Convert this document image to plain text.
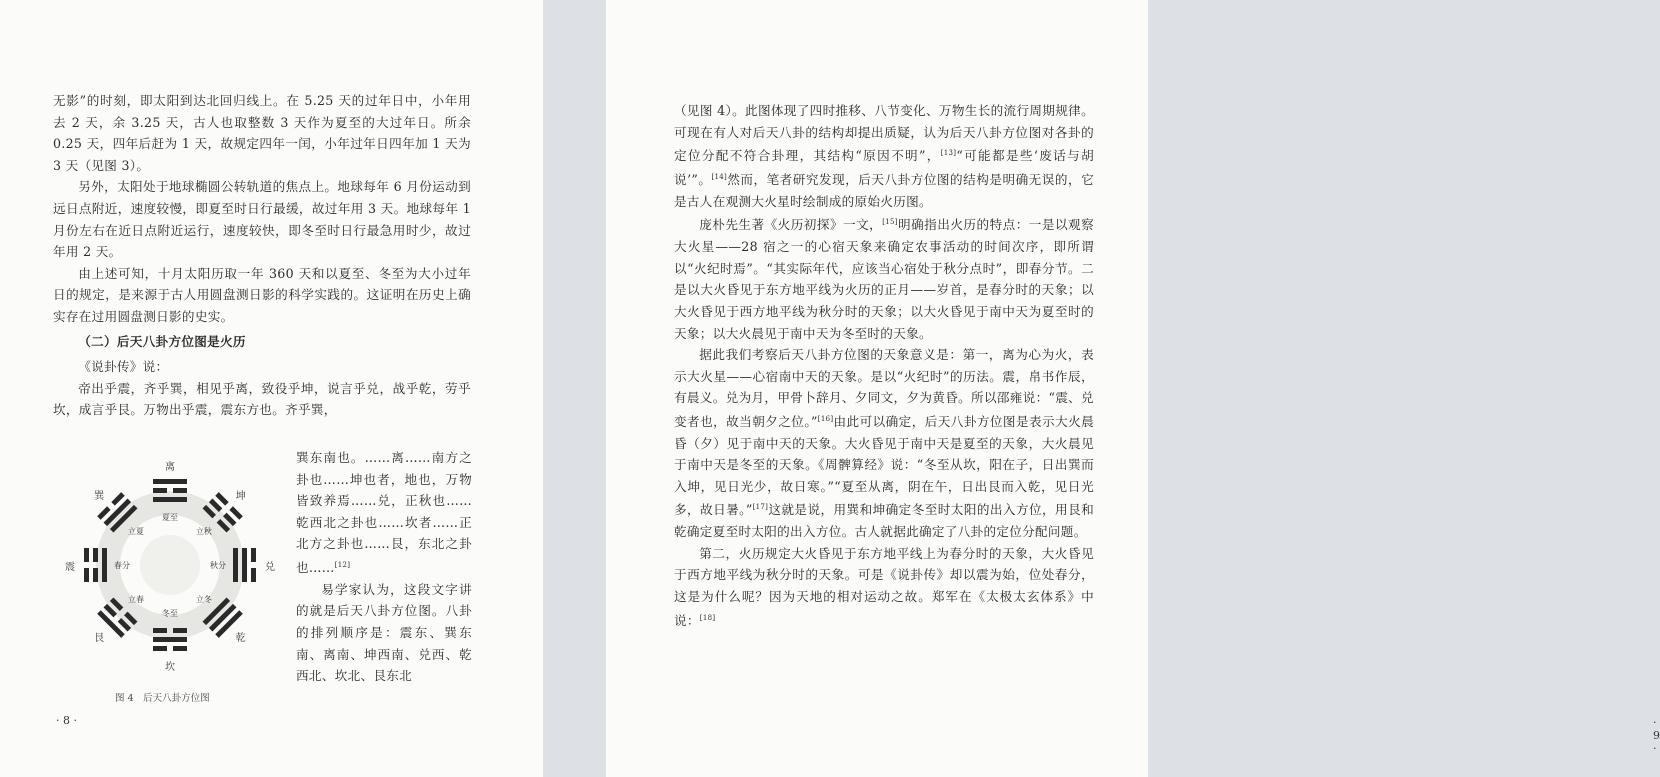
无影”的时刻，即太阳到达北回归线上。在 5.25 天的过年日中，小年用去 2 天，余 3.25 天，古人也取整数 3 天作为夏至的大过年日。所余 0.25 天，四年后赶为 1 天，故规定四年一闰，小年过年日四年加 1 天为 3 天（见图 3）。

另外，太阳处于地球椭圆公转轨道的焦点上。地球每年 6 月份运动到远日点附近，速度较慢，即夏至时日行最缓，故过年用 3 天。地球每年 1 月份左右在近日点附近运行，速度较快，即冬至时日行最急用时少，故过年用 2 天。

由上述可知，十月太阳历取一年 360 天和以夏至、冬至为大小过年日的规定，是来源于古人用圆盘测日影的科学实践的。这证明在历史上确实存在过用圆盘测日影的史实。

（二）后天八卦方位图是火历

《说卦传》说：

帝出乎震，齐乎巽，相见乎离，致役乎坤，说言乎兑，战乎乾，劳乎坎，成言乎艮。万物出乎震，震东方也。齐乎巽，

离
夏至
坤
立秋
兑
秋分
乾
立冬
坎
冬至
艮
立春
震	春分
巽
立夏
图 4　后天八卦方位图

巽东南也。……离……南方之卦也……坤也者，地也，万物皆致养焉……兑，正秋也……乾西北之卦也……坎者……正北方之卦也……艮，东北之卦也……[12]

易学家认为，这段文字讲的就是后天八卦方位图。八卦的排列顺序是：震东、巽东南、离南、坤西南、兑西、乾西北、坎北、艮东北

· 8 ·

（见图 4）。此图体现了四时推移、八节变化、万物生长的流行周期规律。可现在有人对后天八卦的结构却提出质疑，认为后天八卦方位图对各卦的定位分配不符合卦理，其结构“原因不明”，[13]“可能都是些‘废话与胡说’”。[14]然而，笔者研究发现，后天八卦方位图的结构是明确无误的，它是古人在观测大火星时绘制成的原始火历图。

庞朴先生著《火历初探》一文，[15]明确指出火历的特点：一是以观察大火星——28 宿之一的心宿天象来确定农事活动的时间次序，即所谓以“火纪时焉”。“其实际年代，应该当心宿处于秋分点时”，即春分节。二是以大火昏见于东方地平线为火历的正月——岁首，是春分时的天象；以大火昏见于西方地平线为秋分时的天象；以大火昏见于南中天为夏至时的天象；以大火晨见于南中天为冬至时的天象。

据此我们考察后天八卦方位图的天象意义是：第一，离为心为火，表示大火星——心宿南中天的天象。是以“火纪时”的历法。震，帛书作辰，有晨义。兑为月，甲骨卜辞月、夕同文，夕为黄昏。所以邵雍说：“震、兑变者也，故当朝夕之位。”[16]由此可以确定，后天八卦方位图是表示大火晨昏（夕）见于南中天的天象。大火昏见于南中天是夏至的天象，大火晨见于南中天是冬至的天象。《周髀算经》说：“冬至从坎，阳在子，日出巽而入坤，见日光少，故日寒。”“夏至从离，阴在午，日出艮而入乾，见日光多，故日暑。”[17]这就是说，用巽和坤确定冬至时太阳的出入方位，用艮和乾确定夏至时太阳的出入方位。古人就据此确定了八卦的定位分配问题。

第二，火历规定大火昏见于东方地平线上为春分时的天象，大火昏见于西方地平线为秋分时的天象。可是《说卦传》却以震为始，位处春分，这是为什么呢？因为天地的相对运动之故。郑军在《太极太玄体系》中说：[18]

· 9 ·
